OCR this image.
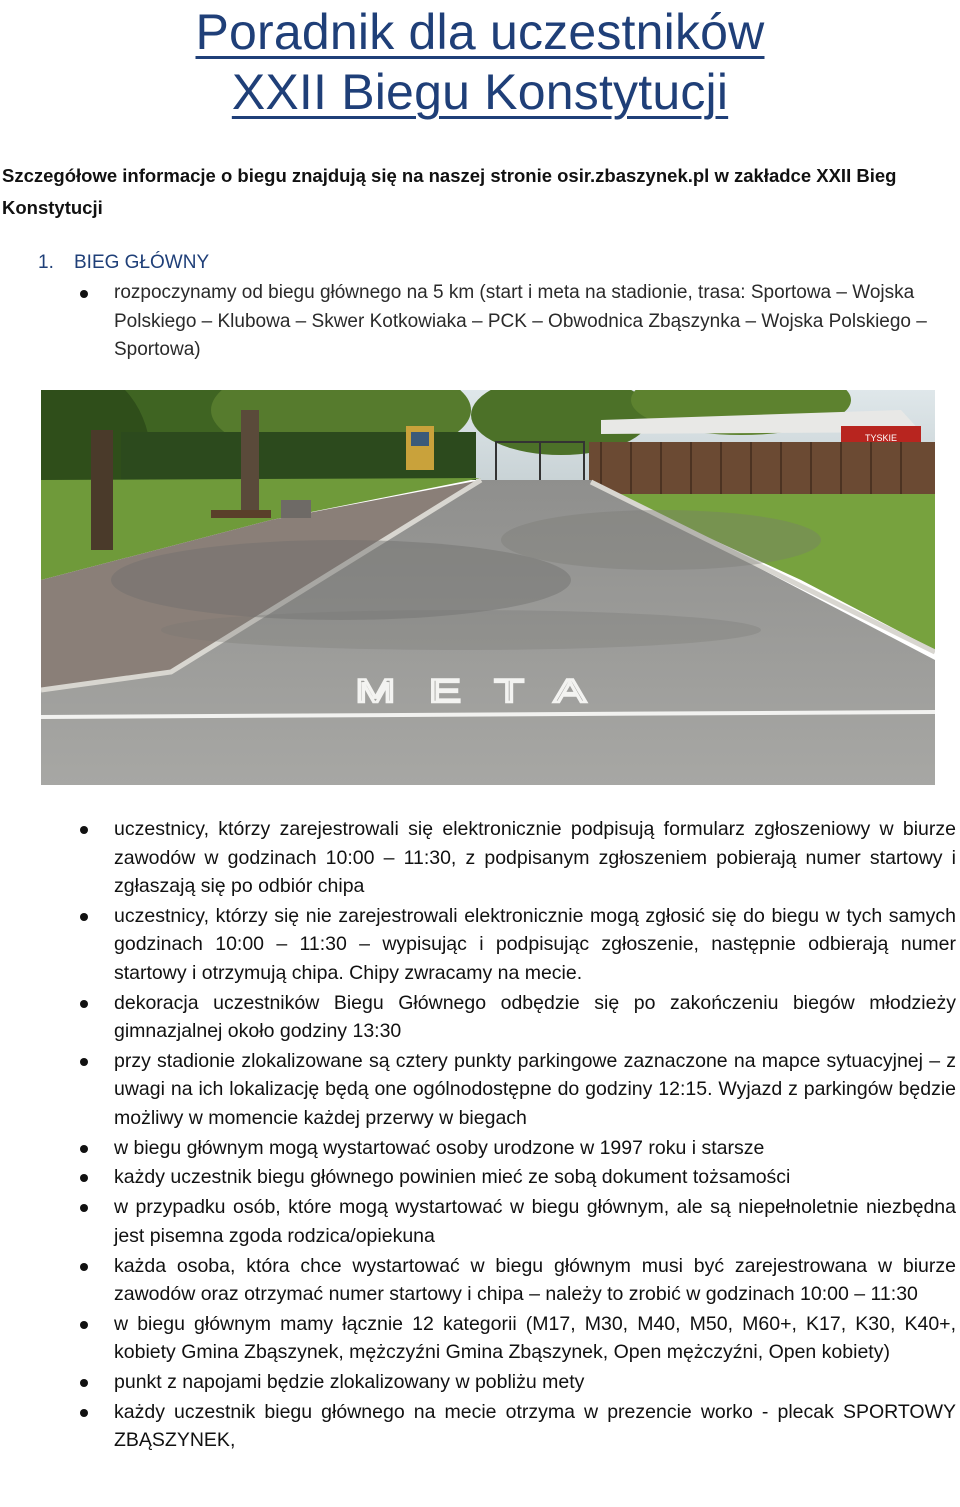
Poradnik dla uczestników
XXII Biegu Konstytucji

Szczegółowe informacje o biegu znajdują się na naszej stronie osir.zbaszynek.pl w zakładce XXII Bieg Konstytucji

1. BIEG GŁÓWNY
rozpoczynamy od biegu głównego na 5 km (start i meta na stadionie, trasa: Sportowa – Wojska Polskiego – Klubowa – Skwer Kotkowiaka – PCK – Obwodnica Zbąszynka – Wojska Polskiego – Sportowa)
META
TYSKIE
uczestnicy, którzy zarejestrowali się elektronicznie podpisują formularz zgłoszeniowy w biurze zawodów w godzinach 10:00 – 11:30, z podpisanym zgłoszeniem pobierają numer startowy i zgłaszają się po odbiór chipa
uczestnicy, którzy się nie zarejestrowali elektronicznie mogą zgłosić się do biegu w tych samych godzinach 10:00 – 11:30 – wypisując i podpisując zgłoszenie, następnie odbierają numer startowy i otrzymują chipa. Chipy zwracamy na mecie.
dekoracja uczestników Biegu Głównego odbędzie się po zakończeniu biegów młodzieży gimnazjalnej około godziny 13:30
przy stadionie zlokalizowane są cztery punkty parkingowe zaznaczone na mapce sytuacyjnej – z uwagi na ich lokalizację będą one ogólnodostępne do godziny 12:15. Wyjazd z parkingów będzie możliwy w momencie każdej przerwy w biegach
w biegu głównym mogą wystartować osoby urodzone w 1997 roku i starsze
każdy uczestnik biegu głównego powinien mieć ze sobą dokument tożsamości
w przypadku osób, które mogą wystartować w biegu głównym, ale są niepełnoletnie niezbędna jest pisemna zgoda rodzica/opiekuna
każda osoba, która chce wystartować w biegu głównym musi być zarejestrowana w biurze zawodów oraz otrzymać numer startowy i chipa – należy to zrobić w godzinach 10:00 – 11:30
w biegu głównym mamy łącznie 12 kategorii (M17, M30, M40, M50, M60+, K17, K30, K40+, kobiety Gmina Zbąszynek, mężczyźni Gmina Zbąszynek, Open mężczyźni, Open kobiety)
punkt z napojami będzie zlokalizowany w pobliżu mety
każdy uczestnik biegu głównego na mecie otrzyma w prezencie worko - plecak SPORTOWY ZBĄSZYNEK,
